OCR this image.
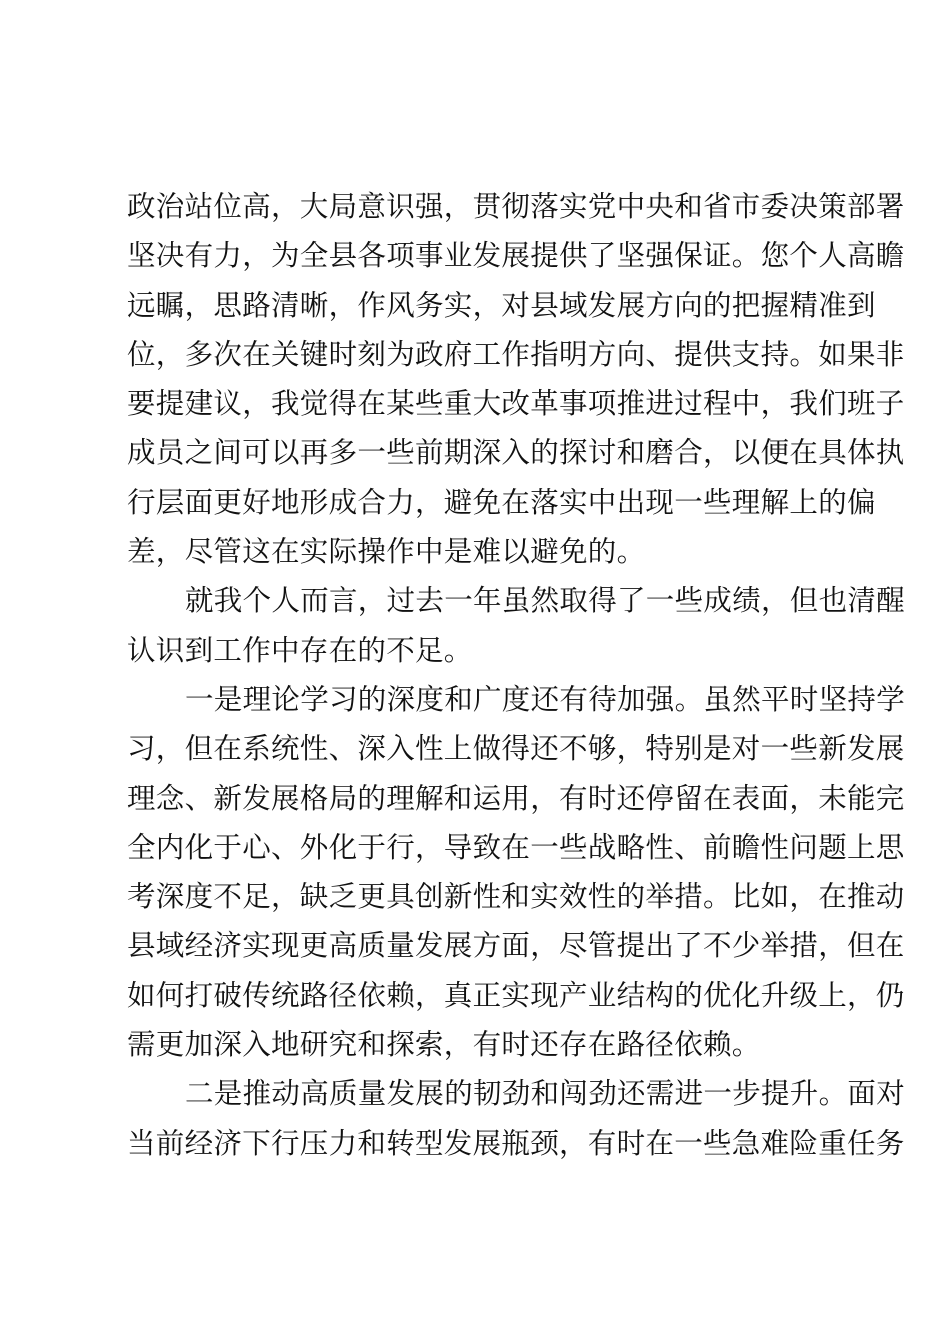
政治站位高，大局意识强，贯彻落实党中央和省市委决策部署
坚决有力，为全县各项事业发展提供了坚强保证。您个人高瞻
远瞩，思路清晰，作风务实，对县域发展方向的把握精准到
位，多次在关键时刻为政府工作指明方向、提供支持。如果非
要提建议，我觉得在某些重大改革事项推进过程中，我们班子
成员之间可以再多一些前期深入的探讨和磨合，以便在具体执
行层面更好地形成合力，避免在落实中出现一些理解上的偏
差，尽管这在实际操作中是难以避免的。
就我个人而言，过去一年虽然取得了一些成绩，但也清醒
认识到工作中存在的不足。
一是理论学习的深度和广度还有待加强。虽然平时坚持学
习，但在系统性、深入性上做得还不够，特别是对一些新发展
理念、新发展格局的理解和运用，有时还停留在表面，未能完
全内化于心、外化于行，导致在一些战略性、前瞻性问题上思
考深度不足，缺乏更具创新性和实效性的举措。比如，在推动
县域经济实现更高质量发展方面，尽管提出了不少举措，但在
如何打破传统路径依赖，真正实现产业结构的优化升级上，仍
需更加深入地研究和探索，有时还存在路径依赖。
二是推动高质量发展的韧劲和闯劲还需进一步提升。面对
当前经济下行压力和转型发展瓶颈，有时在一些急难险重任务
